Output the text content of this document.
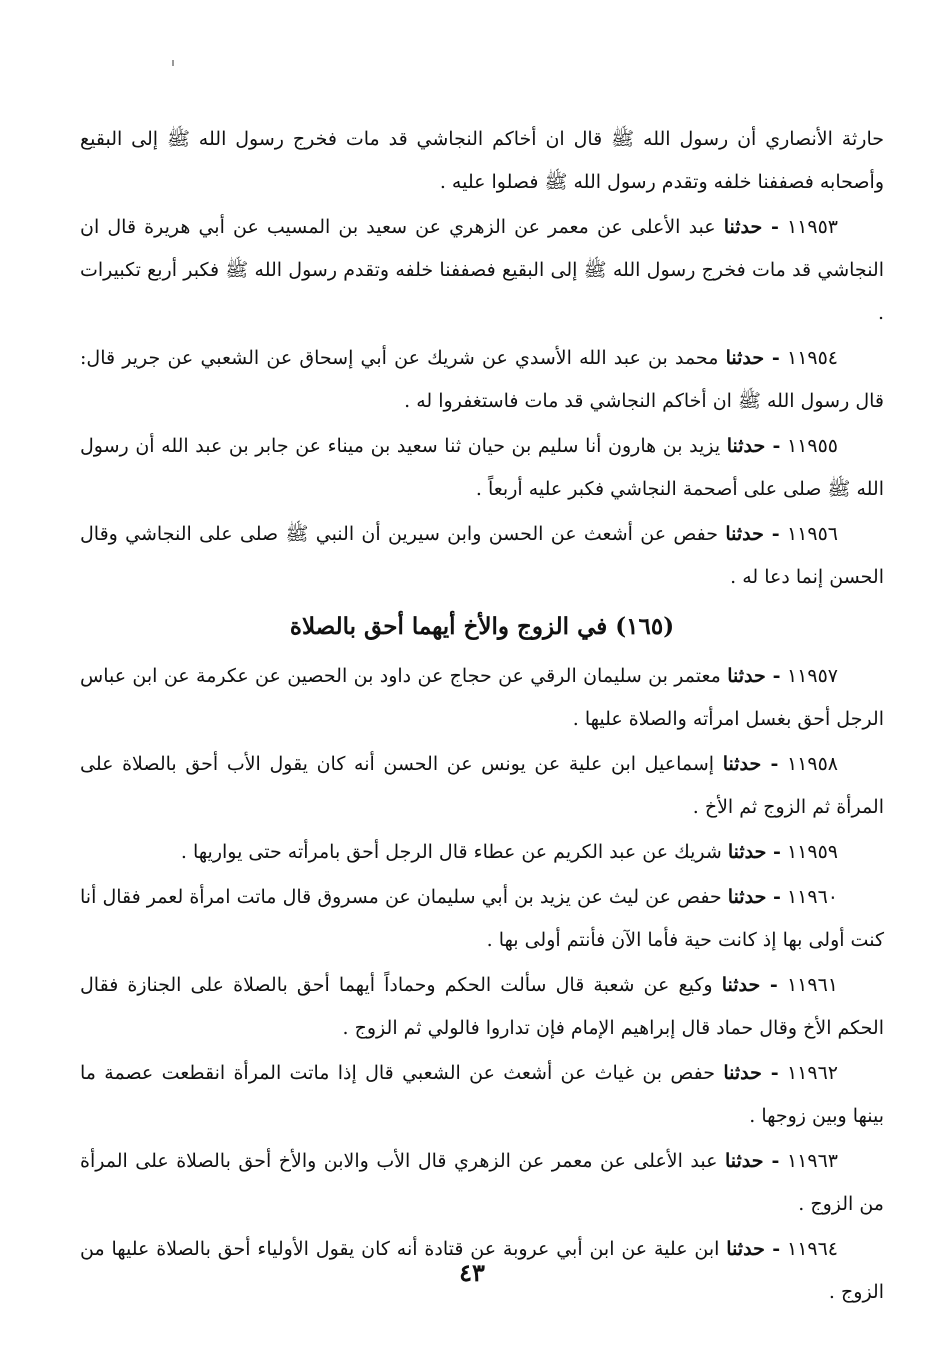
حارثة الأنصاري أن رسول الله ﷺ قال ان أخاكم النجاشي قد مات فخرج رسول الله ﷺ إلى البقيع وأصحابه فصففنا خلفه وتقدم رسول الله ﷺ فصلوا عليه .

١١٩٥٣ - حدثنا عبد الأعلى عن معمر عن الزهري عن سعيد بن المسيب عن أبي هريرة قال ان النجاشي قد مات فخرج رسول الله ﷺ إلى البقيع فصففنا خلفه وتقدم رسول الله ﷺ فكبر أربع تكبيرات .

١١٩٥٤ - حدثنا محمد بن عبد الله الأسدي عن شريك عن أبي إسحاق عن الشعبي عن جرير قال: قال رسول الله ﷺ ان أخاكم النجاشي قد مات فاستغفروا له .

١١٩٥٥ - حدثنا يزيد بن هارون أنا سليم بن حيان ثنا سعيد بن ميناء عن جابر بن عبد الله أن رسول الله ﷺ صلى على أصحمة النجاشي فكبر عليه أربعاً .

١١٩٥٦ - حدثنا حفص عن أشعث عن الحسن وابن سيرين أن النبي ﷺ صلى على النجاشي وقال الحسن إنما دعا له .

(١٦٥) في الزوج والأخ أيهما أحق بالصلاة

١١٩٥٧ - حدثنا معتمر بن سليمان الرقي عن حجاج عن داود بن الحصين عن عكرمة عن ابن عباس الرجل أحق بغسل امرأته والصلاة عليها .

١١٩٥٨ - حدثنا إسماعيل ابن علية عن يونس عن الحسن أنه كان يقول الأب أحق بالصلاة على المرأة ثم الزوج ثم الأخ .

١١٩٥٩ - حدثنا شريك عن عبد الكريم عن عطاء قال الرجل أحق بامرأته حتى يواريها .

١١٩٦٠ - حدثنا حفص عن ليث عن يزيد بن أبي سليمان عن مسروق قال ماتت امرأة لعمر فقال أنا كنت أولى بها إذ كانت حية فأما الآن فأنتم أولى بها .

١١٩٦١ - حدثنا وكيع عن شعبة قال سألت الحكم وحماداً أيهما أحق بالصلاة على الجنازة فقال الحكم الأخ وقال حماد قال إبراهيم الإمام فإن تداروا فالولي ثم الزوج .

١١٩٦٢ - حدثنا حفص بن غياث عن أشعث عن الشعبي قال إذا ماتت المرأة انقطعت عصمة ما بينها وبين زوجها .

١١٩٦٣ - حدثنا عبد الأعلى عن معمر عن الزهري قال الأب والابن والأخ أحق بالصلاة على المرأة من الزوج .

١١٩٦٤ - حدثنا ابن علية عن ابن أبي عروبة عن قتادة أنه كان يقول الأولياء أحق بالصلاة عليها من الزوج .

٤٣
